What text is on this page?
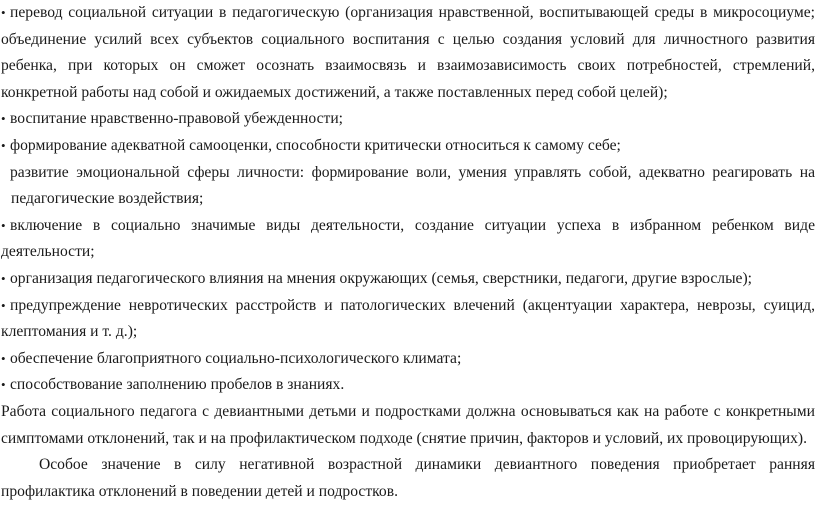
• перевод социальной ситуации в педагогическую (организация нравственной, воспитывающей среды в микросоциуме; объединение усилий всех субъектов социального воспитания с целью создания условий для личностного развития ребенка, при которых он сможет осознать взаимосвязь и взаимозависимость своих потребностей, стремлений, конкретной работы над собой и ожидаемых достижений, а также поставленных перед собой целей);

• воспитание нравственно-правовой убежденности;

• формирование адекватной самооценки, способности критически относиться к самому себе;

развитие эмоциональной сферы личности: формирование воли, умения управлять собой, адекватно реагировать на педагогические воздействия;

• включение в социально значимые виды деятельности, создание ситуации успеха в избранном ребенком виде деятельности;

• организация педагогического влияния на мнения окружающих (семья, сверстники, педагоги, другие взрослые);

• предупреждение невротических расстройств и патологических влечений (акцентуации характера, неврозы, суицид, клептомания и т. д.);

• обеспечение благоприятного социально-психологического климата;

• способствование заполнению пробелов в знаниях.

Работа социального педагога с девиантными детьми и подростками должна основываться как на работе с конкретными симптомами отклонений, так и на профилактическом подходе (снятие причин, факторов и условий, их провоцирующих).

Особое значение в силу негативной возрастной динамики девиантного поведения приобретает ранняя профилактика отклонений в поведении детей и подростков.
